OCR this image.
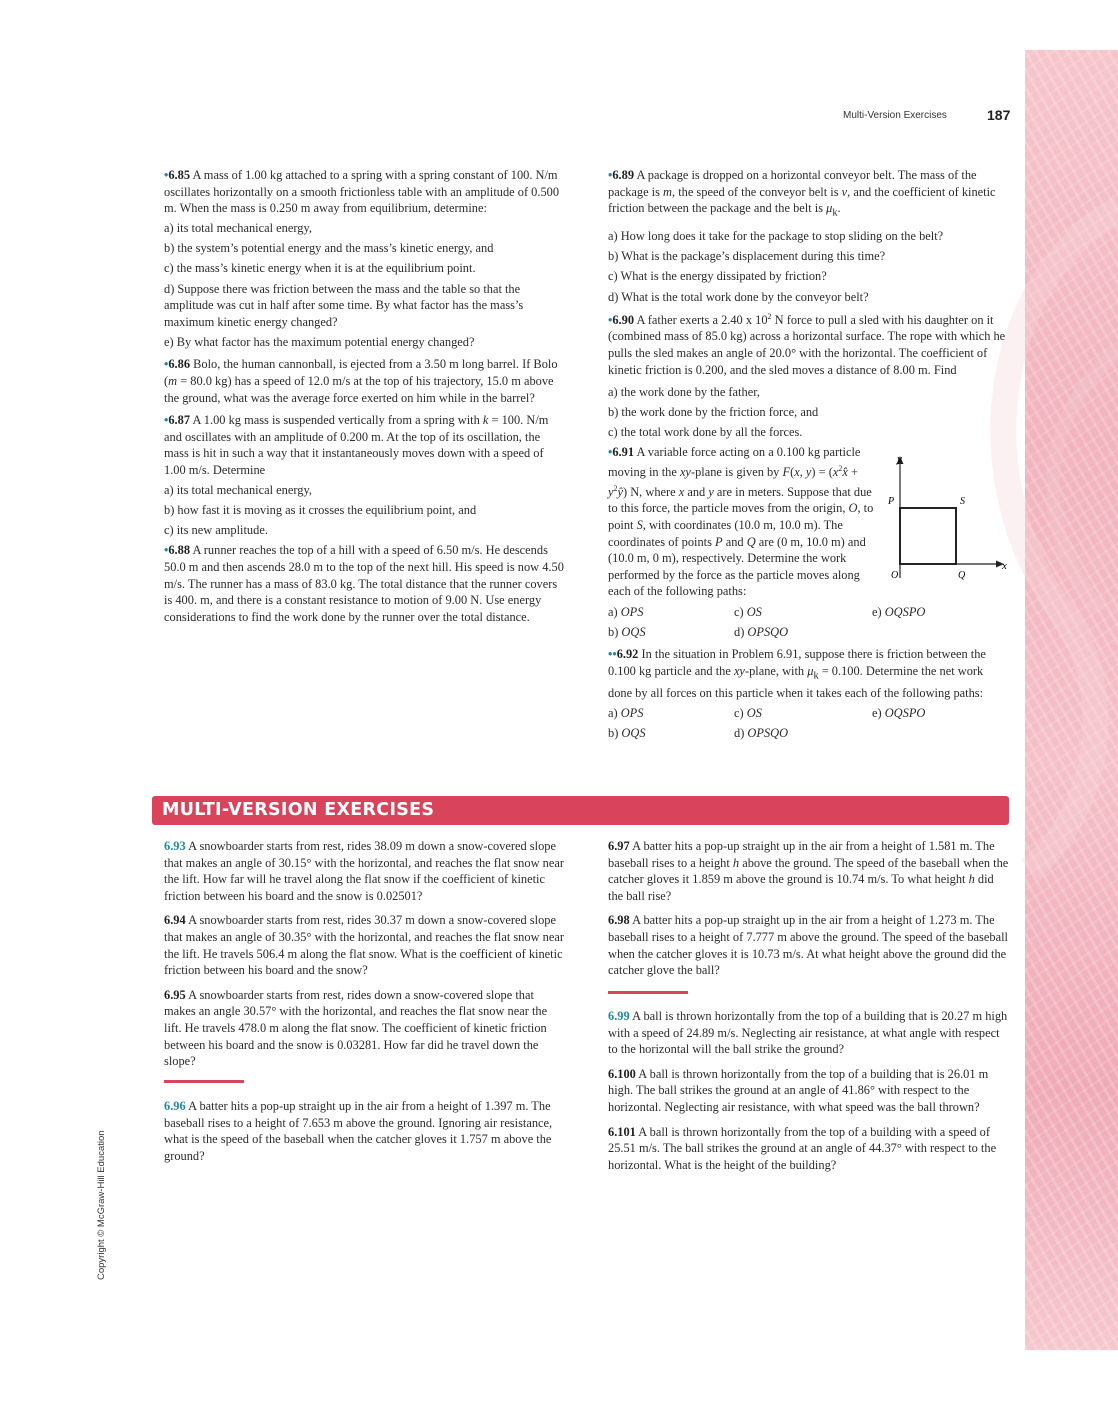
Multi-Version Exercises	187

•6.85 A mass of 1.00 kg attached to a spring with a spring constant of 100. N/m oscillates horizontally on a smooth frictionless table with an amplitude of 0.500 m. When the mass is 0.250 m away from equilibrium, determine:

a) its total mechanical energy,

b) the system’s potential energy and the mass’s kinetic energy, and

c) the mass’s kinetic energy when it is at the equilibrium point.

d) Suppose there was friction between the mass and the table so that the amplitude was cut in half after some time. By what factor has the mass’s maximum kinetic energy changed?

e) By what factor has the maximum potential energy changed?

•6.86 Bolo, the human cannonball, is ejected from a 3.50 m long barrel. If Bolo (m = 80.0 kg) has a speed of 12.0 m/s at the top of his trajectory, 15.0 m above the ground, what was the average force exerted on him while in the barrel?

•6.87 A 1.00 kg mass is suspended vertically from a spring with k = 100. N/m and oscillates with an amplitude of 0.200 m. At the top of its oscillation, the mass is hit in such a way that it instantaneously moves down with a speed of 1.00 m/s. Determine

a) its total mechanical energy,

b) how fast it is moving as it crosses the equilibrium point, and

c) its new amplitude.

•6.88 A runner reaches the top of a hill with a speed of 6.50 m/s. He descends 50.0 m and then ascends 28.0 m to the top of the next hill. His speed is now 4.50 m/s. The runner has a mass of 83.0 kg. The total distance that the runner covers is 400. m, and there is a constant resistance to motion of 9.00 N. Use energy considerations to find the work done by the runner over the total distance.

•6.89 A package is dropped on a horizontal conveyor belt. The mass of the package is m, the speed of the conveyor belt is v, and the coefficient of kinetic friction between the package and the belt is $\mu_k$.

a) How long does it take for the package to stop sliding on the belt?

b) What is the package’s displacement during this time?

c) What is the energy dissipated by friction?

d) What is the total work done by the conveyor belt?

•6.90 A father exerts a 2.40 x $10^2$ N force to pull a sled with his daughter on it (combined mass of 85.0 kg) across a horizontal surface. The rope with which he pulls the sled makes an angle of 20.0° with the horizontal. The coefficient of kinetic friction is 0.200, and the sled moves a distance of 8.00 m. Find

a) the work done by the father,

b) the work done by the friction force, and

c) the total work done by all the forces.

•6.91 A variable force acting on a 0.100 kg particle moving in the xy-plane is given by F(x, $y) = (x^2x̂$ + $y^2ŷ$) N, where x and y are in meters. Suppose that due to this force, the particle moves from the origin, O, to point S, with coordinates (10.0 m, 10.0 m). The coordinates of points P and Q are (0 m, 10.0 m) and (10.0 m, 0 m), respectively. Determine the work performed by the force as the particle moves along each of the following paths:

a) OPS	c) OS	e) OQSPO
b) OQS	d) OPSQO

••6.92 In the situation in Problem 6.91, suppose there is friction between the 0.100 kg particle and the xy-plane, with $\mu_k = 0.100$. Determine the net work done by all forces on this particle when it takes each of the following paths:

a) OPS	c) OS	e) OQSPO
b) OQS	d) OPSQO
y
x
P	S
O	Q
MULTI-VERSION EXERCISES

6.93 A snowboarder starts from rest, rides 38.09 m down a snow-covered slope that makes an angle of 30.15° with the horizontal, and reaches the flat snow near the lift. How far will he travel along the flat snow if the coefficient of kinetic friction between his board and the snow is 0.02501?

6.94 A snowboarder starts from rest, rides 30.37 m down a snow-covered slope that makes an angle of 30.35° with the horizontal, and reaches the flat snow near the lift. He travels 506.4 m along the flat snow. What is the coefficient of kinetic friction between his board and the snow?

6.95 A snowboarder starts from rest, rides down a snow-covered slope that makes an angle 30.57° with the horizontal, and reaches the flat snow near the lift. He travels 478.0 m along the flat snow. The coefficient of kinetic friction between his board and the snow is 0.03281. How far did he travel down the slope?

6.96 A batter hits a pop-up straight up in the air from a height of 1.397 m. The baseball rises to a height of 7.653 m above the ground. Ignoring air resistance, what is the speed of the baseball when the catcher gloves it 1.757 m above the ground?

6.97 A batter hits a pop-up straight up in the air from a height of 1.581 m. The baseball rises to a height h above the ground. The speed of the baseball when the catcher gloves it 1.859 m above the ground is 10.74 m/s. To what height h did the ball rise?

6.98 A batter hits a pop-up straight up in the air from a height of 1.273 m. The baseball rises to a height of 7.777 m above the ground. The speed of the baseball when the catcher gloves it is 10.73 m/s. At what height above the ground did the catcher glove the ball?

6.99 A ball is thrown horizontally from the top of a building that is 20.27 m high with a speed of 24.89 m/s. Neglecting air resistance, at what angle with respect to the horizontal will the ball strike the ground?

6.100 A ball is thrown horizontally from the top of a building that is 26.01 m high. The ball strikes the ground at an angle of 41.86° with respect to the horizontal. Neglecting air resistance, with what speed was the ball thrown?

6.101 A ball is thrown horizontally from the top of a building with a speed of 25.51 m/s. The ball strikes the ground at an angle of 44.37° with respect to the horizontal. What is the height of the building?

Copyright © McGraw-Hill Education
